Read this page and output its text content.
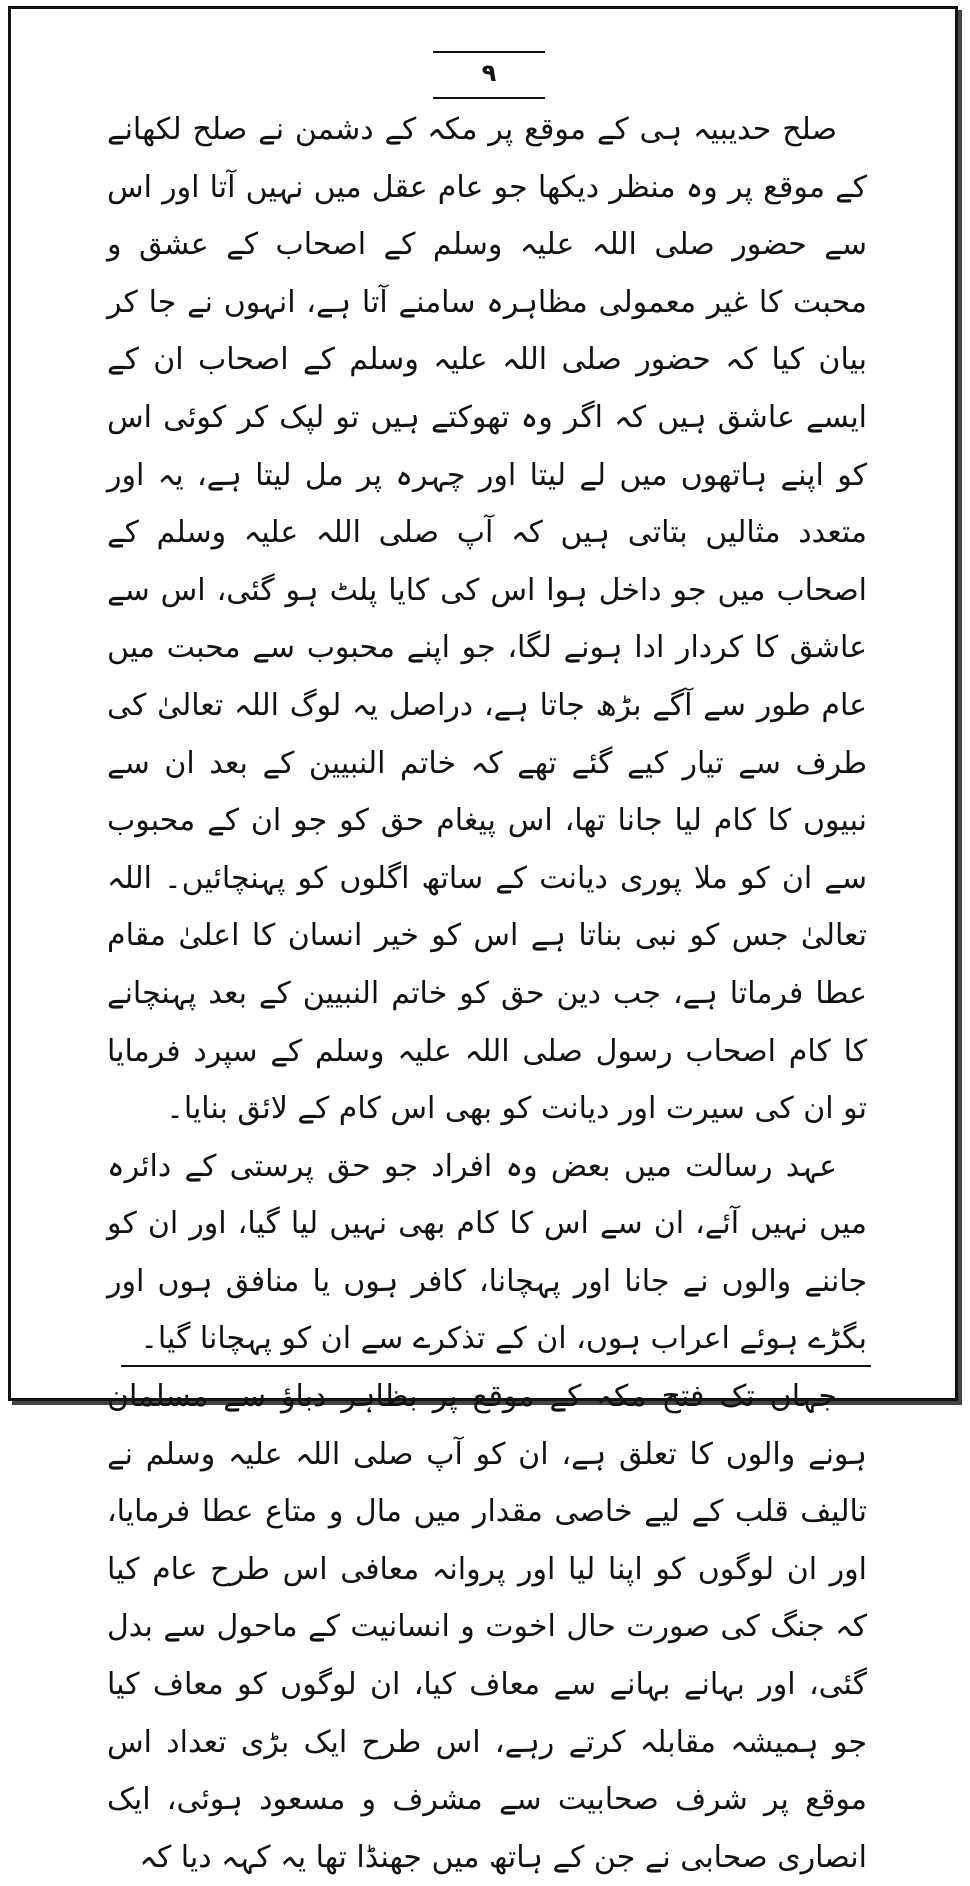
٩

صلح حدیبیہ ہی کے موقع پر مکہ کے دشمن نے صلح لکھانے کے موقع پر وہ منظر دیکھا جو عام عقل میں نہیں آتا اور اس سے حضور صلی اللہ علیہ وسلم کے اصحاب کے عشق و محبت کا غیر معمولی مظاہرہ سامنے آتا ہے، انہوں نے جا کر بیان کیا کہ حضور صلی اللہ علیہ وسلم کے اصحاب ان کے ایسے عاشق ہیں کہ اگر وہ تھوکتے ہیں تو لپک کر کوئی اس کو اپنے ہاتھوں میں لے لیتا اور چہرہ پر مل لیتا ہے، یہ اور متعدد مثالیں بتاتی ہیں کہ آپ صلی اللہ علیہ وسلم کے اصحاب میں جو داخل ہوا اس کی کایا پلٹ ہو گئی، اس سے عاشق کا کردار ادا ہونے لگا، جو اپنے محبوب سے محبت میں عام طور سے آگے بڑھ جاتا ہے، دراصل یہ لوگ اللہ تعالیٰ کی طرف سے تیار کیے گئے تھے کہ خاتم النبیین کے بعد ان سے نبیوں کا کام لیا جانا تھا، اس پیغام حق کو جو ان کے محبوب سے ان کو ملا پوری دیانت کے ساتھ اگلوں کو پہنچائیں۔ اللہ تعالیٰ جس کو نبی بناتا ہے اس کو خیر انسان کا اعلیٰ مقام عطا فرماتا ہے، جب دین حق کو خاتم النبیین کے بعد پہنچانے کا کام اصحاب رسول صلی اللہ علیہ وسلم کے سپرد فرمایا تو ان کی سیرت اور دیانت کو بھی اس کام کے لائق بنایا۔

عہد رسالت میں بعض وہ افراد جو حق پرستی کے دائرہ میں نہیں آئے، ان سے اس کا کام بھی نہیں لیا گیا، اور ان کو جاننے والوں نے جانا اور پہچانا، کافر ہوں یا منافق ہوں اور بگڑے ہوئے اعراب ہوں، ان کے تذکرے سے ان کو پہچانا گیا۔

جہاں تک فتح مکہ کے موقع پر بظاہر دباؤ سے مسلمان ہونے والوں کا تعلق ہے، ان کو آپ صلی اللہ علیہ وسلم نے تالیف قلب کے لیے خاصی مقدار میں مال و متاع عطا فرمایا، اور ان لوگوں کو اپنا لیا اور پروانہ معافی اس طرح عام کیا کہ جنگ کی صورت حال اخوت و انسانیت کے ماحول سے بدل گئی، اور بہانے بہانے سے معاف کیا، ان لوگوں کو معاف کیا جو ہمیشہ مقابلہ کرتے رہے، اس طرح ایک بڑی تعداد اس موقع پر شرف صحابیت سے مشرف و مسعود ہوئی، ایک انصاری صحابی نے جن کے ہاتھ میں جھنڈا تھا یہ کہہ دیا کہ
